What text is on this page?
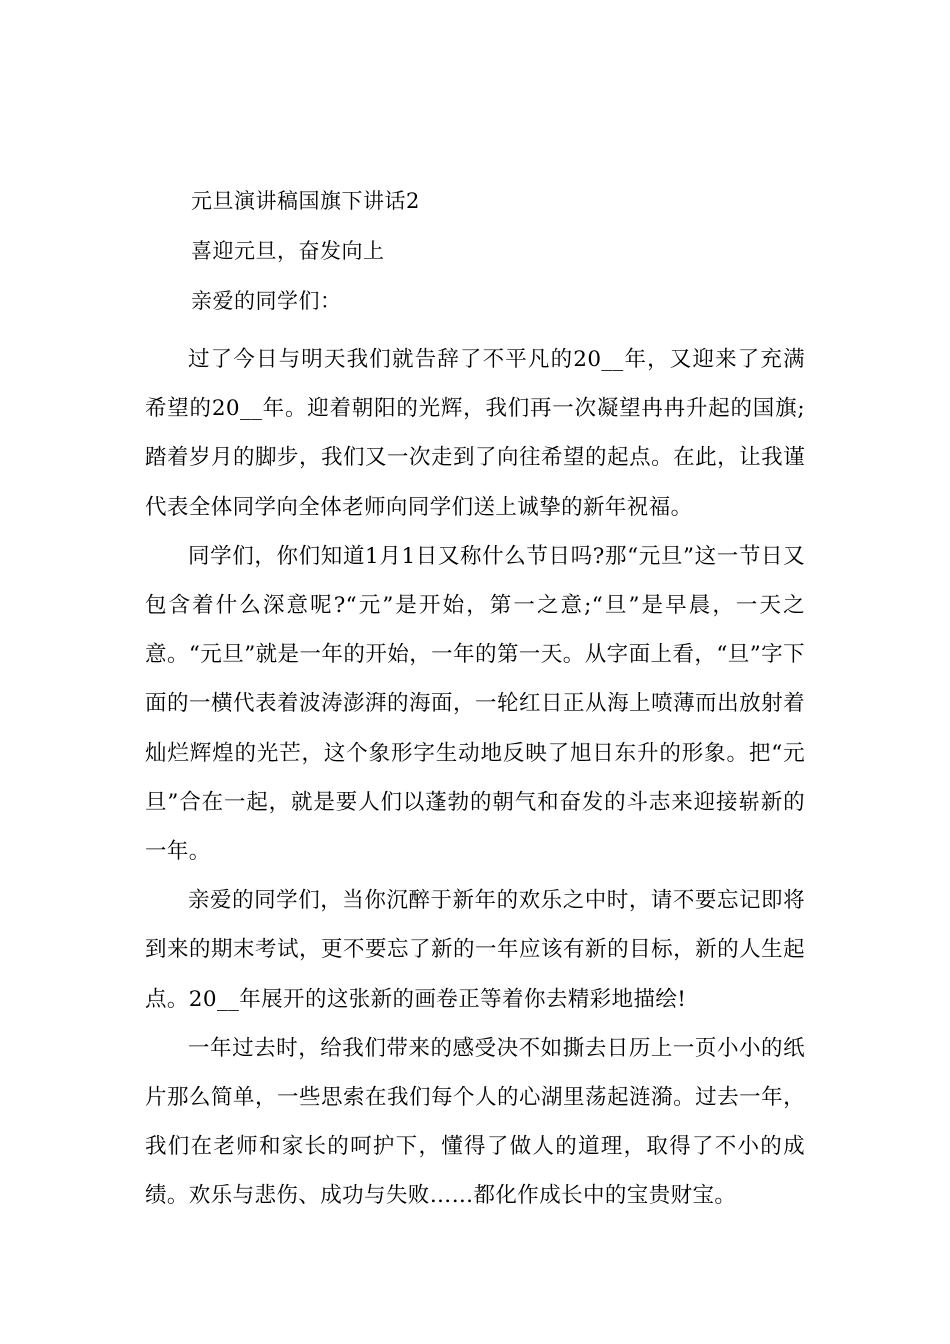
元旦演讲稿国旗下讲话2
喜迎元旦，奋发向上
亲爱的同学们：

过了今日与明天我们就告辞了不平凡的20__年，又迎来了充满希望的20__年。迎着朝阳的光辉，我们再一次凝望冉冉升起的国旗;踏着岁月的脚步，我们又一次走到了向往希望的起点。在此，让我谨代表全体同学向全体老师向同学们送上诚挚的新年祝福。

同学们，你们知道1月1日又称什么节日吗?那“元旦”这一节日又包含着什么深意呢?“元”是开始，第一之意;“旦”是早晨，一天之意。“元旦”就是一年的开始，一年的第一天。从字面上看，“旦”字下面的一横代表着波涛澎湃的海面，一轮红日正从海上喷薄而出放射着灿烂辉煌的光芒，这个象形字生动地反映了旭日东升的形象。把“元旦”合在一起，就是要人们以蓬勃的朝气和奋发的斗志来迎接崭新的一年。

亲爱的同学们，当你沉醉于新年的欢乐之中时，请不要忘记即将到来的期末考试，更不要忘了新的一年应该有新的目标，新的人生起点。20__年展开的这张新的画卷正等着你去精彩地描绘!

一年过去时，给我们带来的感受决不如撕去日历上一页小小的纸片那么简单，一些思索在我们每个人的心湖里荡起涟漪。过去一年，我们在老师和家长的呵护下，懂得了做人的道理，取得了不小的成绩。欢乐与悲伤、成功与失败……都化作成长中的宝贵财宝。
